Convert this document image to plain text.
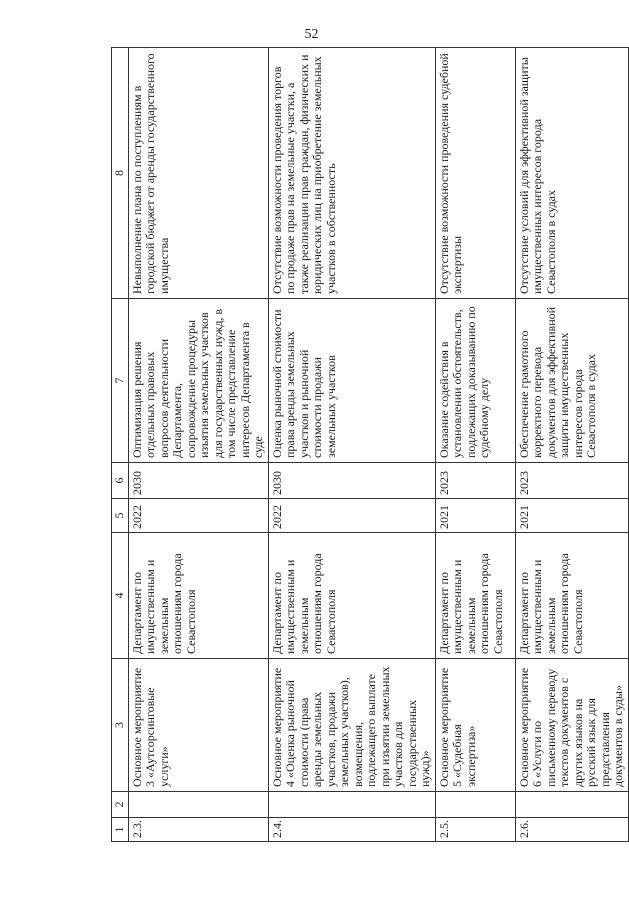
52
1	2	3	4	5	6	7	8
2.3.		Основное мероприятие 3 «Аутсорсинговые услуги»	Департамент по имущественным и земельным отношениям города Севастополя	2022	2030	Оптимизация решения отдельных правовых вопросов деятельности Департамента, сопровождение процедуры изъятия земельных участков для государственных нужд, в том числе представление интересов Департамента в суде	Невыполнение плана по поступлениям в городской бюджет от аренды государственного имущества
2.4.		Основное мероприятие 4 «Оценка рыночной стоимости (права аренды земельных участков, продажи земельных участков), возмещения, подлежащего выплате при изъятии земельных участков для государственных нужд)»	Департамент по имущественным и земельным отношениям города Севастополя	2022	2030	Оценка рыночной стоимости права аренды земельных участков и рыночной стоимости продажи земельных участков	Отсутствие возможности проведения торгов по продаже прав на земельные участки, а также реализации прав граждан, физических и юридических лиц на приобретение земельных участков в собственность
2.5.		Основное мероприятие 5 «Судебная экспертиза»	Департамент по имущественным и земельным отношениям города Севастополя	2021	2023	Оказание содействия в установлении обстоятельств, подлежащих доказыванию по судебному делу	Отсутствие возможности проведения судебной экспертизы
2.6.		Основное мероприятие 6 «Услуги по письменному переводу текстов документов с других языков на русский язык для представления документов в суды»	Департамент по имущественным и земельным отношениям города Севастополя	2021	2023	Обеспечение грамотного корректного перевода документов для эффективной защиты имущественных интересов города Севастополя в судах	Отсутствие условий для эффективной защиты имущественных интересов города Севастополя в судах
